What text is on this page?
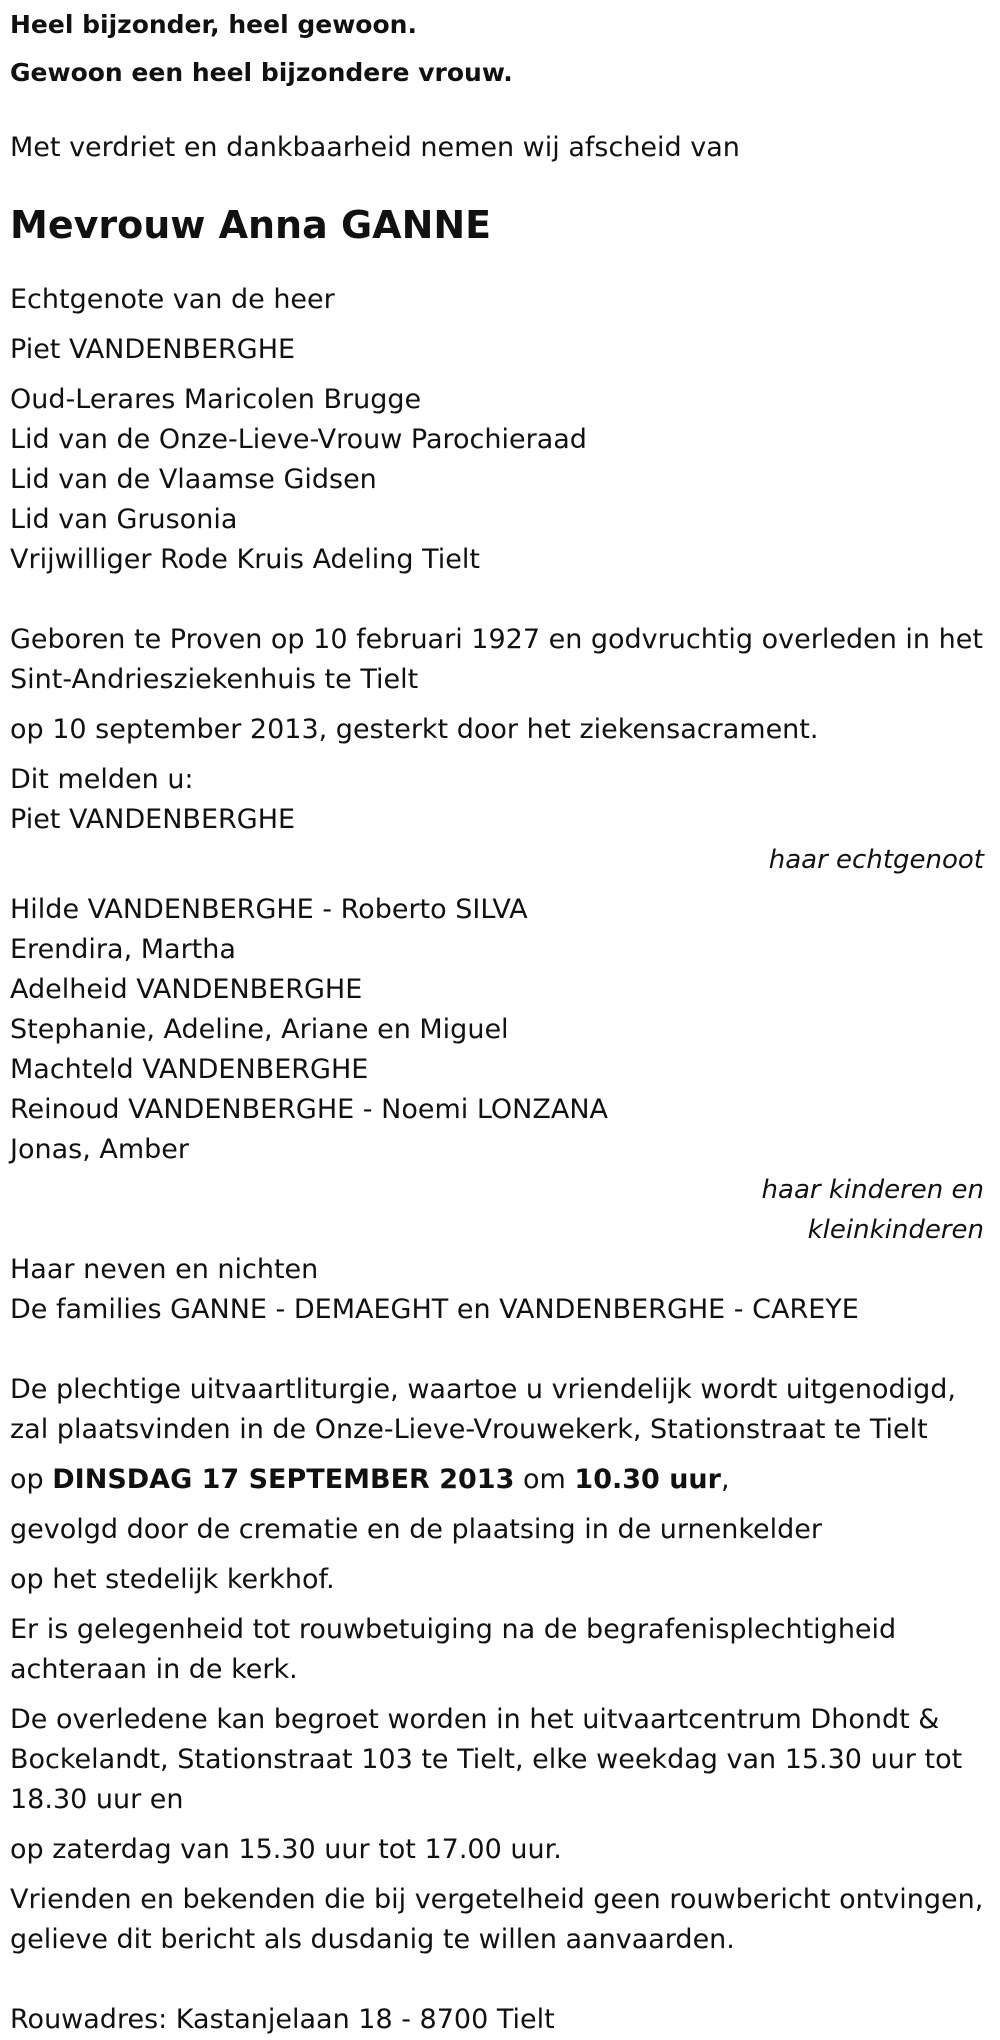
Heel bijzonder, heel gewoon.

Gewoon een heel bijzondere vrouw.

Met verdriet en dankbaarheid nemen wij afscheid van

Mevrouw Anna GANNE

Echtgenote van de heer

Piet VANDENBERGHE

Oud-Lerares Maricolen Brugge

Lid van de Onze-Lieve-Vrouw Parochieraad

Lid van de Vlaamse Gidsen

Lid van Grusonia

Vrijwilliger Rode Kruis Adeling Tielt

Geboren te Proven op 10 februari 1927 en godvruchtig overleden in het Sint-Andriesziekenhuis te Tielt

op 10 september 2013, gesterkt door het ziekensacrament.

Dit melden u:

Piet VANDENBERGHE

haar echtgenoot

Hilde VANDENBERGHE - Roberto SILVA

Erendira, Martha

Adelheid VANDENBERGHE

Stephanie, Adeline, Ariane en Miguel

Machteld VANDENBERGHE

Reinoud VANDENBERGHE - Noemi LONZANA

Jonas, Amber

haar kinderen en

kleinkinderen

Haar neven en nichten

De families GANNE - DEMAEGHT en VANDENBERGHE - CAREYE

De plechtige uitvaartliturgie, waartoe u vriendelijk wordt uitgenodigd, zal plaatsvinden in de Onze-Lieve-Vrouwekerk, Stationstraat te Tielt

op DINSDAG 17 SEPTEMBER 2013 om 10.30 uur,

gevolgd door de crematie en de plaatsing in de urnenkelder

op het stedelijk kerkhof.

Er is gelegenheid tot rouwbetuiging na de begrafenisplechtigheid achteraan in de kerk.

De overledene kan begroet worden in het uitvaartcentrum Dhondt & Bockelandt, Stationstraat 103 te Tielt, elke weekdag van 15.30 uur tot 18.30 uur en

op zaterdag van 15.30 uur tot 17.00 uur.

Vrienden en bekenden die bij vergetelheid geen rouwbericht ontvingen, gelieve dit bericht als dusdanig te willen aanvaarden.

Rouwadres: Kastanjelaan 18 - 8700 Tielt
